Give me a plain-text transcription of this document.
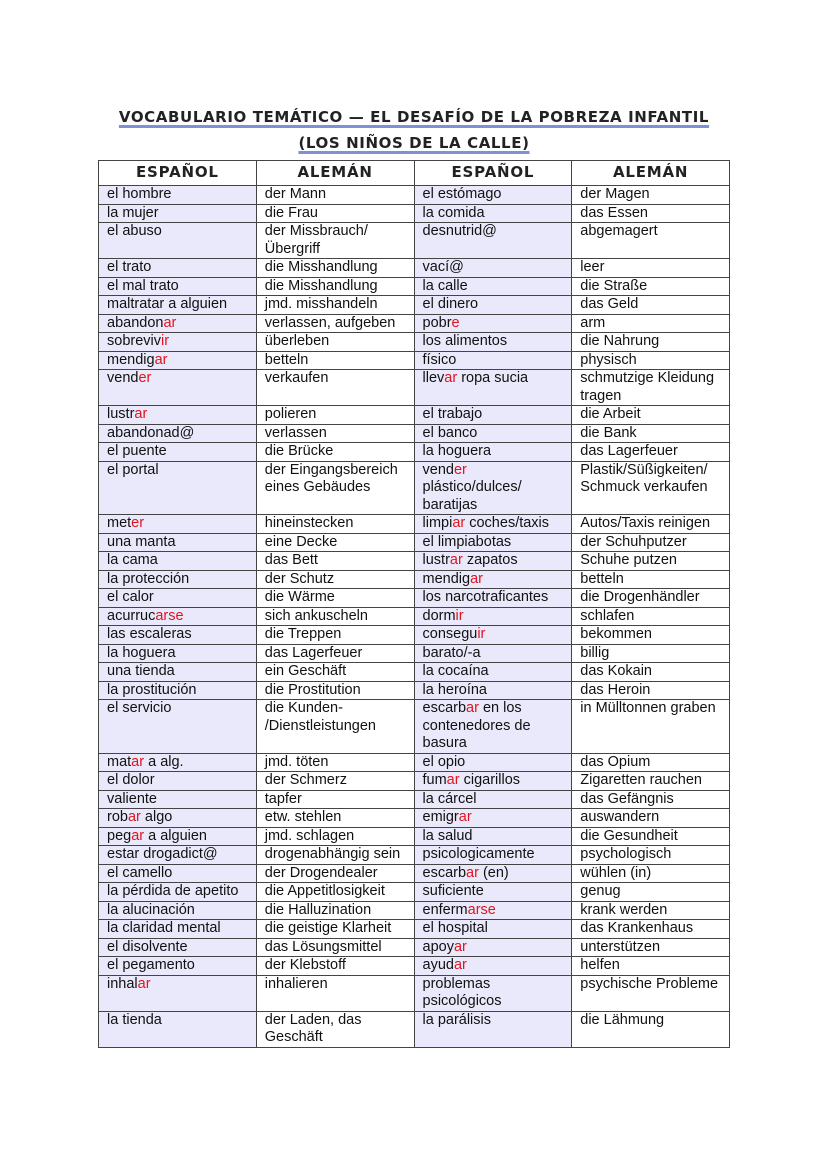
VOCABULARIO TEMÁTICO — EL DESAFÍO DE LA POBREZA INFANTIL (LOS NIÑOS DE LA CALLE)
ESPAÑOL	ALEMÁN	ESPAÑOL	ALEMÁN
el hombre	der Mann	el estómago	der Magen
la mujer	die Frau	la comida	das Essen
el abuso	der Missbrauch/ Übergriff	desnutrid@	abgemagert
el trato	die Misshandlung	vací@	leer
el mal trato	die Misshandlung	la calle	die Straße
maltratar a alguien	jmd. misshandeln	el dinero	das Geld
abandonar	verlassen, aufgeben	pobre	arm
sobrevivir	überleben	los alimentos	die Nahrung
mendigar	betteln	físico	physisch
vender	verkaufen	llevar ropa sucia	schmutzige Kleidung tragen
lustrar	polieren	el trabajo	die Arbeit
abandonad@	verlassen	el banco	die Bank
el puente	die Brücke	la hoguera	das Lagerfeuer
el portal	der Eingangsbereich eines Gebäudes	vender plástico/dulces/ baratijas	Plastik/Süßigkeiten/ Schmuck verkaufen
meter	hineinstecken	limpiar coches/taxis	Autos/Taxis reinigen
una manta	eine Decke	el limpiabotas	der Schuhputzer
la cama	das Bett	lustrar zapatos	Schuhe putzen
la protección	der Schutz	mendigar	betteln
el calor	die Wärme	los narcotraficantes	die Drogenhändler
acurrucarse	sich ankuscheln	dormir	schlafen
las escaleras	die Treppen	conseguir	bekommen
la hoguera	das Lagerfeuer	barato/-a	billig
una tienda	ein Geschäft	la cocaína	das Kokain
la prostitución	die Prostitution	la heroína	das Heroin
el servicio	die Kunden- /Dienstleistungen	escarbar en los contenedores de basura	in Mülltonnen graben
matar a alg.	jmd. töten	el opio	das Opium
el dolor	der Schmerz	fumar cigarillos	Zigaretten rauchen
valiente	tapfer	la cárcel	das Gefängnis
robar algo	etw. stehlen	emigrar	auswandern
pegar a alguien	jmd. schlagen	la salud	die Gesundheit
estar drogadict@	drogenabhängig sein	psicologicamente	psychologisch
el camello	der Drogendealer	escarbar (en)	wühlen (in)
la pérdida de apetito	die Appetitlosigkeit	suficiente	genug
la alucinación	die Halluzination	enfermarse	krank werden
la claridad mental	die geistige Klarheit	el hospital	das Krankenhaus
el disolvente	das Lösungsmittel	apoyar	unterstützen
el pegamento	der Klebstoff	ayudar	helfen
inhalar	inhalieren	problemas psicológicos	psychische Probleme
la tienda	der Laden, das Geschäft	la parálisis	die Lähmung
